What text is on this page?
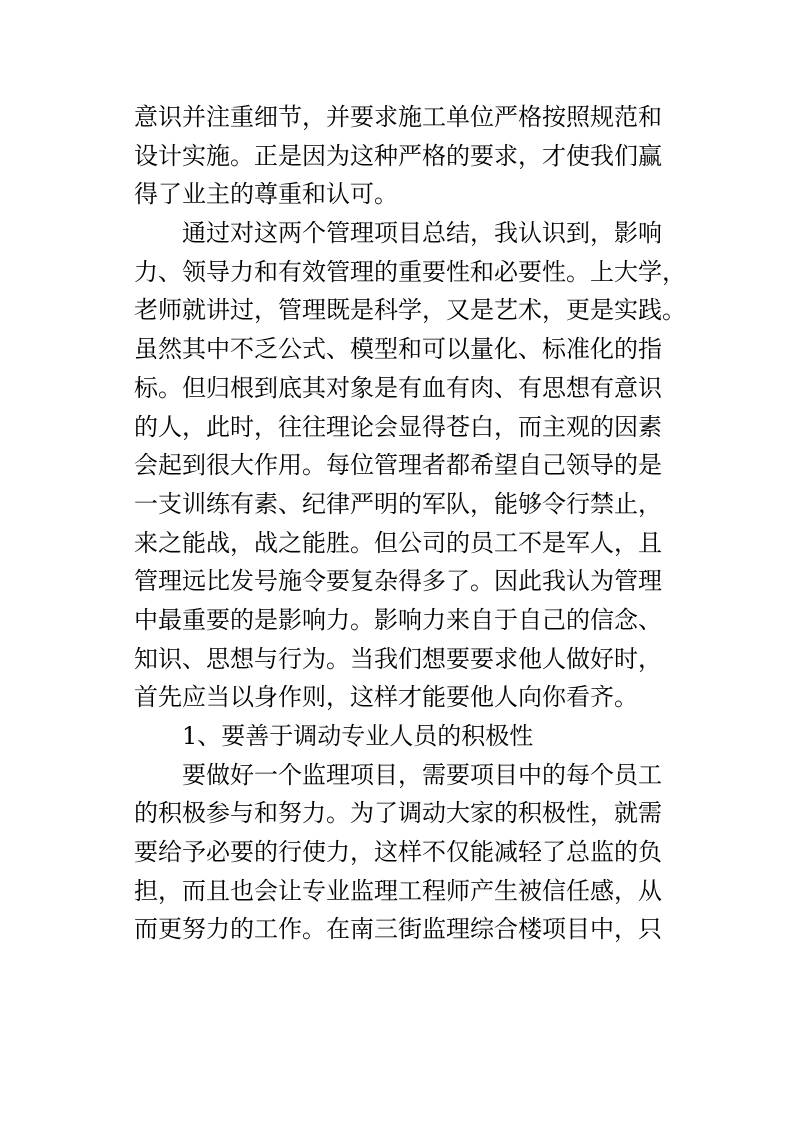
意识并注重细节，并要求施工单位严格按照规范和
设计实施。正是因为这种严格的要求，才使我们赢
得了业主的尊重和认可。
通过对这两个管理项目总结，我认识到，影响
力、领导力和有效管理的重要性和必要性。上大学，
老师就讲过，管理既是科学，又是艺术，更是实践。
虽然其中不乏公式、模型和可以量化、标准化的指
标。但归根到底其对象是有血有肉、有思想有意识
的人，此时，往往理论会显得苍白，而主观的因素
会起到很大作用。每位管理者都希望自己领导的是
一支训练有素、纪律严明的军队，能够令行禁止，
来之能战，战之能胜。但公司的员工不是军人，且
管理远比发号施令要复杂得多了。因此我认为管理
中最重要的是影响力。影响力来自于自己的信念、
知识、思想与行为。当我们想要要求他人做好时，
首先应当以身作则，这样才能要他人向你看齐。
1、要善于调动专业人员的积极性
要做好一个监理项目，需要项目中的每个员工
的积极参与和努力。为了调动大家的积极性，就需
要给予必要的行使力，这样不仅能减轻了总监的负
担，而且也会让专业监理工程师产生被信任感，从
而更努力的工作。在南三街监理综合楼项目中，只
